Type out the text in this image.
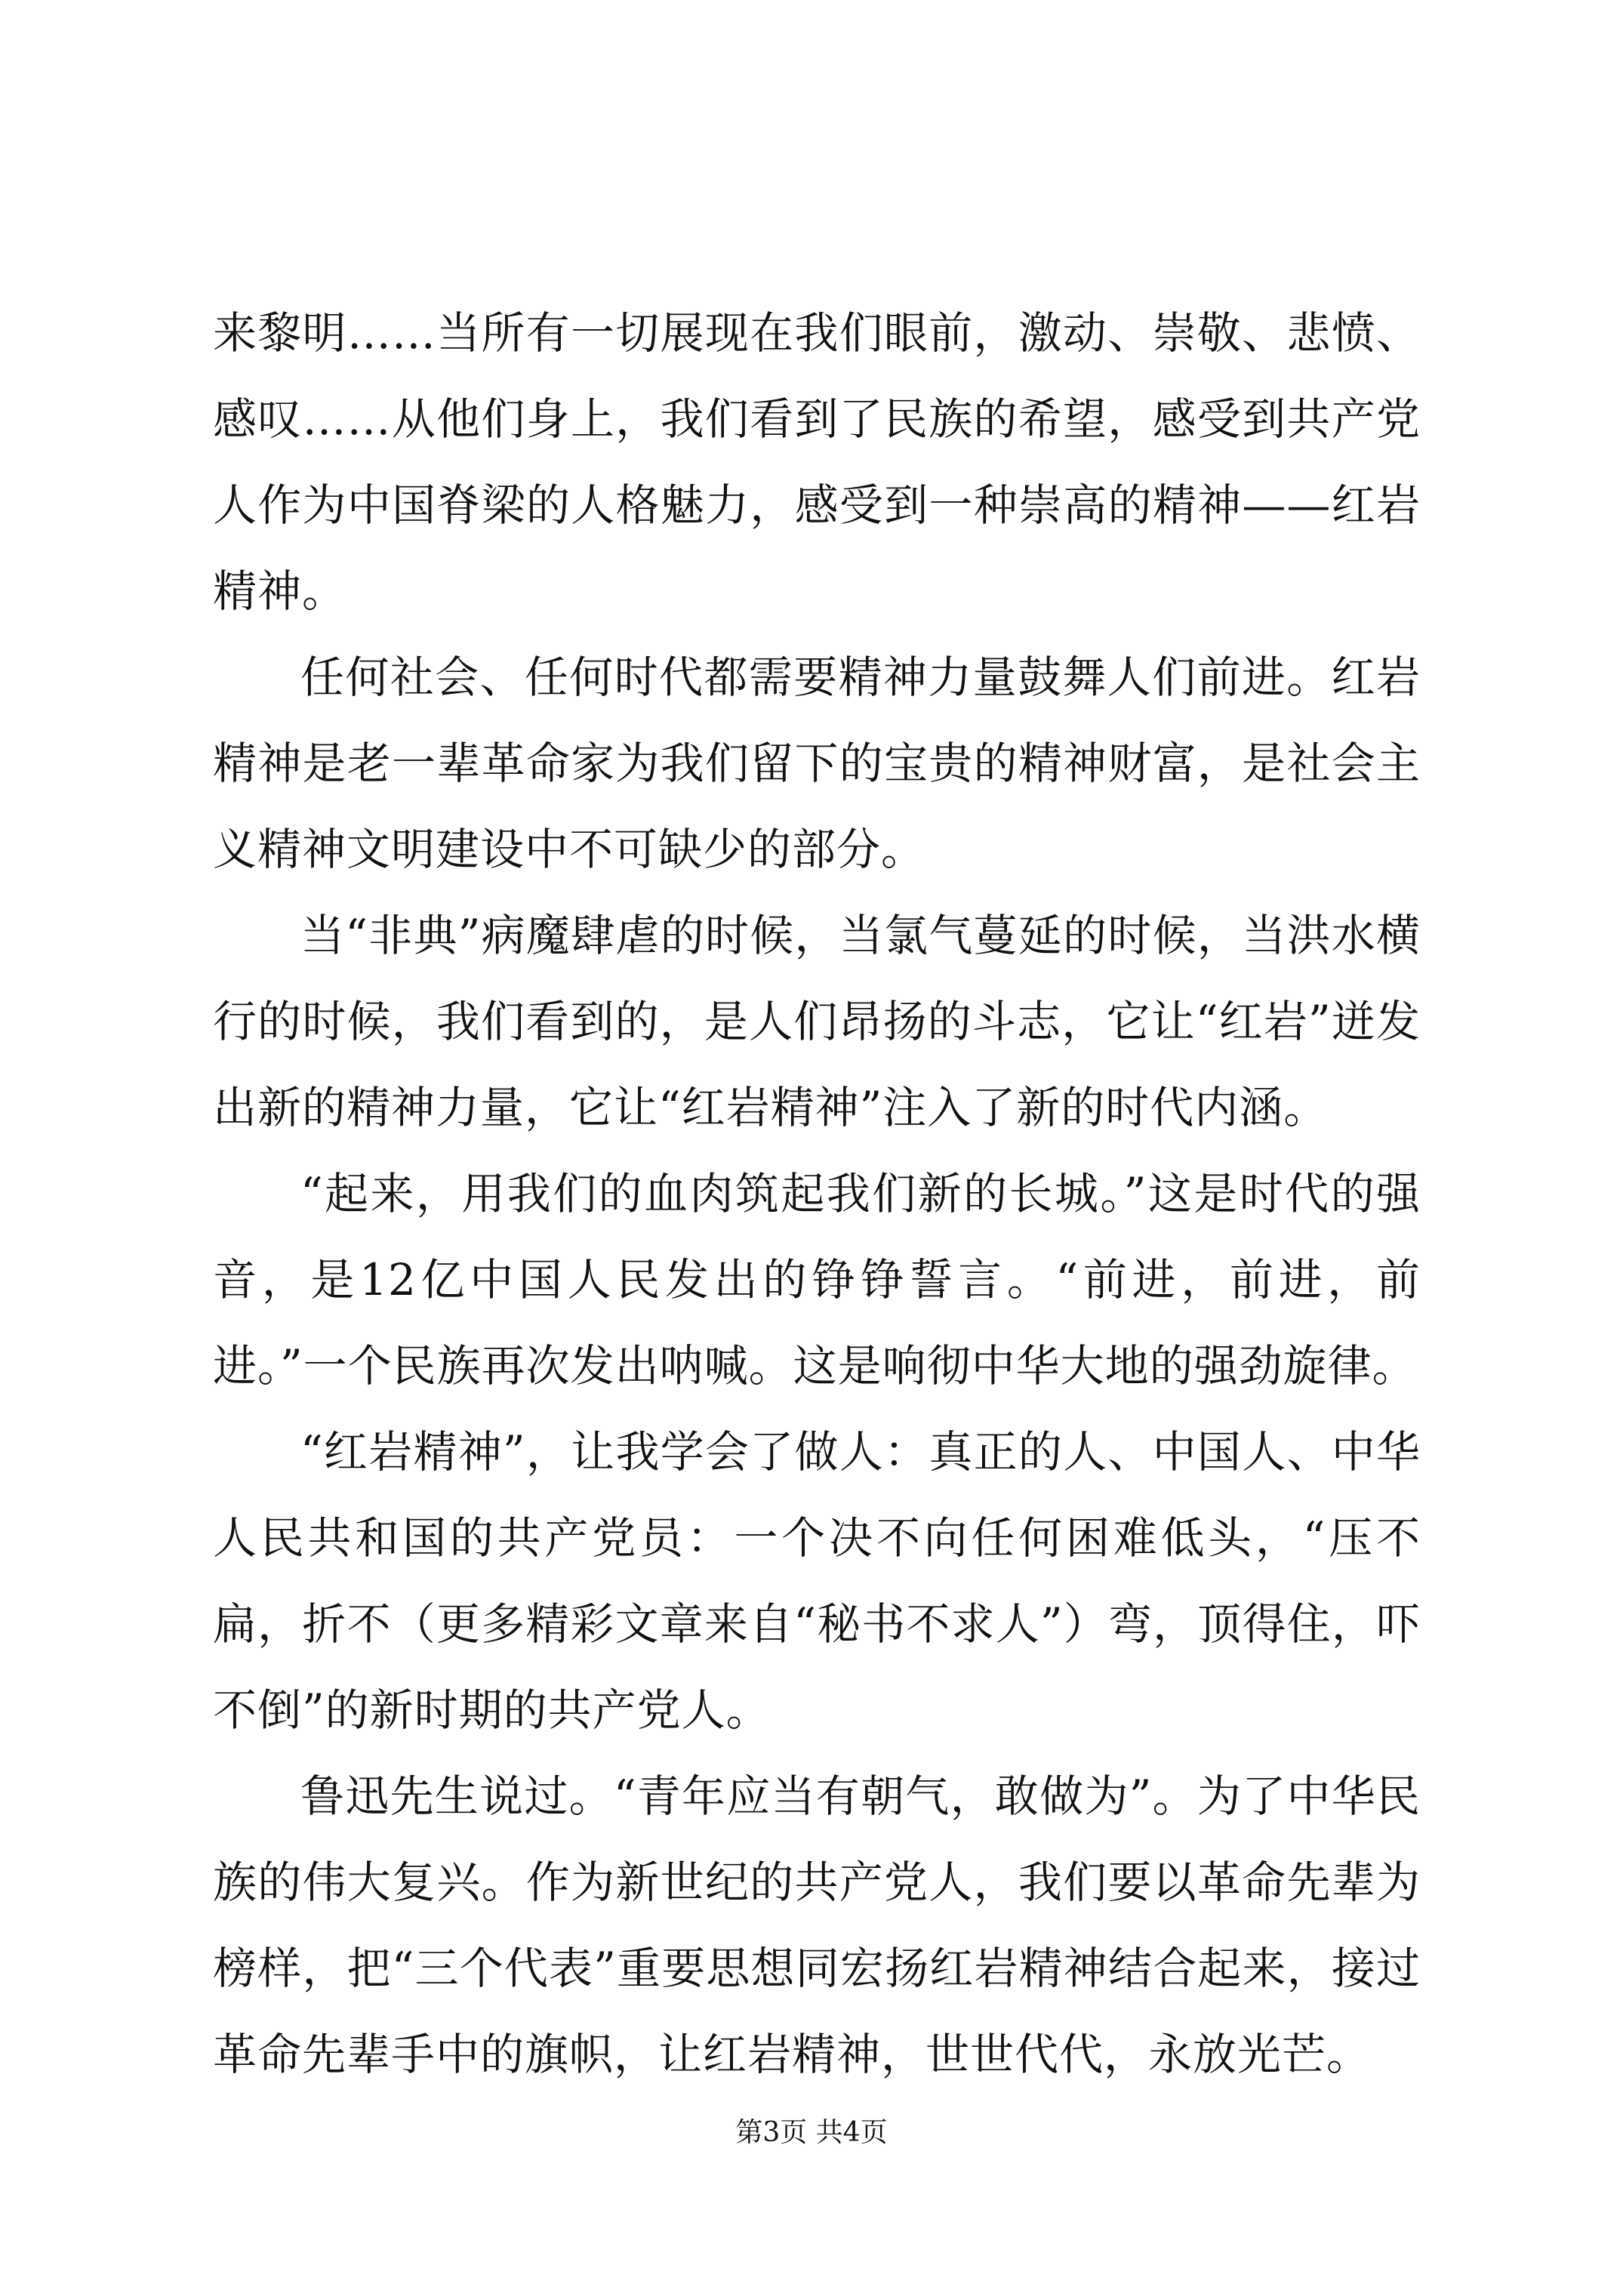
来黎明……当所有一切展现在我们眼前，激动、崇敬、悲愤、感叹……从他们身上，我们看到了民族的希望，感受到共产党人作为中国脊梁的人格魅力，感受到一种崇高的精神——红岩精神。

任何社会、任何时代都需要精神力量鼓舞人们前进。红岩精神是老一辈革命家为我们留下的宝贵的精神财富，是社会主义精神文明建设中不可缺少的部分。

当“非典”病魔肆虐的时候，当氯气蔓延的时候，当洪水横行的时候，我们看到的，是人们昂扬的斗志，它让“红岩”迸发出新的精神力量，它让“红岩精神”注入了新的时代内涵。

“起来，用我们的血肉筑起我们新的长城。”这是时代的强音，是12亿中国人民发出的铮铮誓言。“前进，前进，前进。”一个民族再次发出呐喊。这是响彻中华大地的强劲旋律。

“红岩精神”，让我学会了做人：真正的人、中国人、中华人民共和国的共产党员：一个决不向任何困难低头，“压不扁，折不（更多精彩文章来自“秘书不求人”）弯，顶得住，吓不倒”的新时期的共产党人。

鲁迅先生说过。“青年应当有朝气，敢做为”。为了中华民族的伟大复兴。作为新世纪的共产党人，我们要以革命先辈为榜样，把“三个代表”重要思想同宏扬红岩精神结合起来，接过革命先辈手中的旗帜，让红岩精神，世世代代，永放光芒。

第3页 共4页
